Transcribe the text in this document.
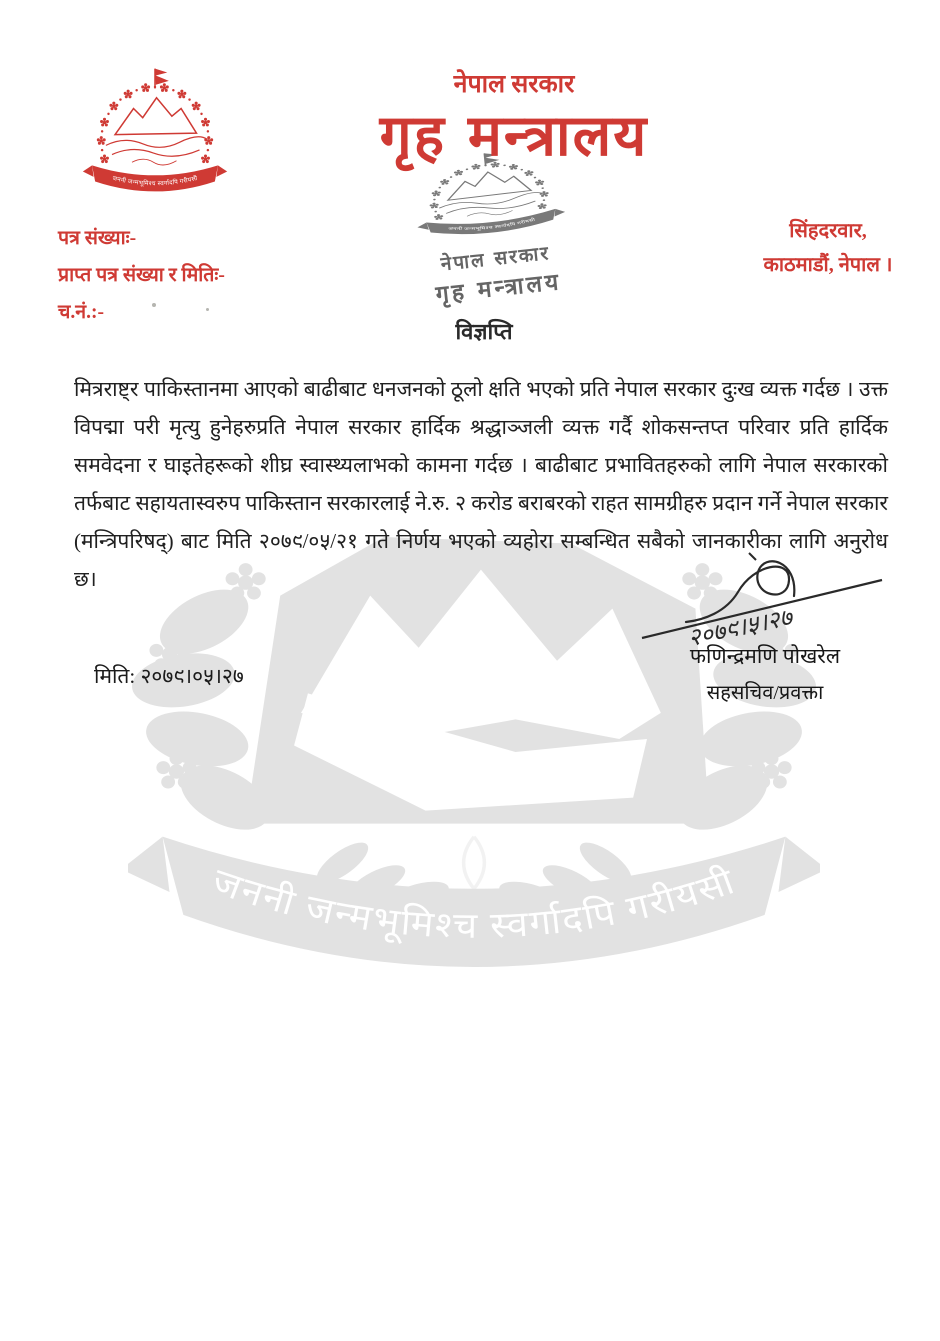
नेपाल सरकार
गृह मन्त्रालय
नेपाल सरकार
गृह मन्त्रालय
पत्र संख्याः-
प्राप्त पत्र संख्या र मितिः-
च.नं.:-
सिंहदरवार,
काठमाडौं, नेपाल ।
विज्ञप्ति
मित्रराष्ट्र पाकिस्तानमा आएको बाढीबाट धनजनको ठूलो क्षति भएको प्रति नेपाल सरकार दुःख व्यक्त गर्दछ । उक्त विपद्मा परी मृत्यु हुनेहरुप्रति नेपाल सरकार हार्दिक श्रद्धाञ्जली व्यक्त गर्दै शोकसन्तप्त परिवार प्रति हार्दिक समवेदना र घाइतेहरूको शीघ्र स्वास्थ्यलाभको कामना गर्दछ । बाढीबाट प्रभावितहरुको लागि नेपाल सरकारको तर्फबाट सहायतास्वरुप पाकिस्तान सरकारलाई ने.रु. २ करोड बराबरको राहत सामग्रीहरु प्रदान गर्ने नेपाल सरकार (मन्त्रिपरिषद्) बाट मिति २०७९/०५/२१ गते निर्णय भएको व्यहोरा सम्बन्धित सबैको जानकारीका लागि अनुरोध छ।
२०७९।५।२७
फणिन्द्रमणि पोखरेल
सहसचिव/प्रवक्ता
मिति: २०७९।०५।२७
